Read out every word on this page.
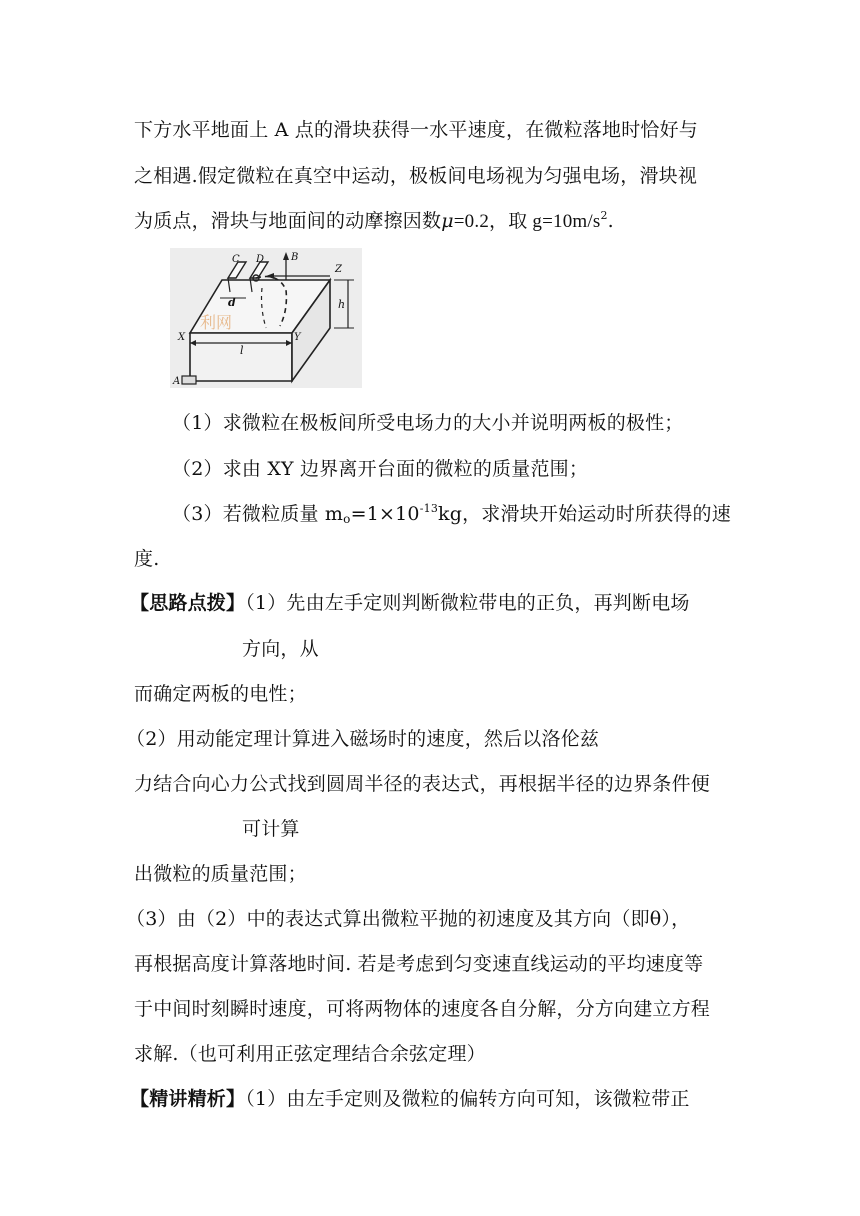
下方水平地面上 A 点的滑块获得一水平速度，在微粒落地时恰好与
之相遇.假定微粒在真空中运动，极板间电场视为匀强电场，滑块视
为质点，滑块与地面间的动摩擦因数μ=0.2，取 $g=10m/s^2$.
利网
C D	B
Z
h
d
X	Y
l
A
（1）求微粒在极板间所受电场力的大小并说明两板的极性；
（2）求由 XY 边界离开台面的微粒的质量范围；
（3）若微粒质量 $m_o=1\times 10^{-13}kg$，求滑块开始运动时所获得的速
度.
【思路点拨】（1）先由左手定则判断微粒带电的正负，再判断电场
方向，从
而确定两板的电性；
（2）用动能定理计算进入磁场时的速度，然后以洛伦兹
力结合向心力公式找到圆周半径的表达式，再根据半径的边界条件便
可计算
出微粒的质量范围；
（3）由（2）中的表达式算出微粒平抛的初速度及其方向（即θ），
再根据高度计算落地时间. 若是考虑到匀变速直线运动的平均速度等
于中间时刻瞬时速度，可将两物体的速度各自分解，分方向建立方程
求解.（也可利用正弦定理结合余弦定理）
【精讲精析】（1）由左手定则及微粒的偏转方向可知，该微粒带正
